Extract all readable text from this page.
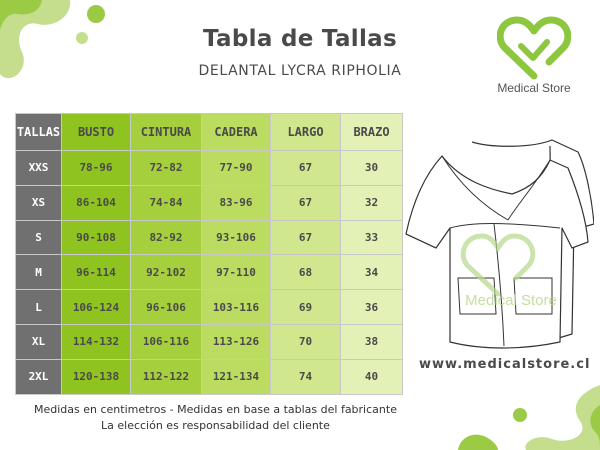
Tabla de Tallas
DELANTAL LYCRA RIPHOLIA
Medical Store
TALLAS	BUSTO	CINTURA	CADERA	LARGO	BRAZO
XXS	78-96	72-82	77-90	67	30
XS	86-104	74-84	83-96	67	32
S	90-108	82-92	93-106	67	33
M	96-114	92-102	97-110	68	34
L	106-124	96-106	103-116	69	36
XL	114-132	106-116	113-126	70	38
2XL	120-138	112-122	121-134	74	40
Medical Store
www.medicalstore.cl
Medidas en centimetros - Medidas en base a tablas del fabricante
La elección es responsabilidad del cliente
